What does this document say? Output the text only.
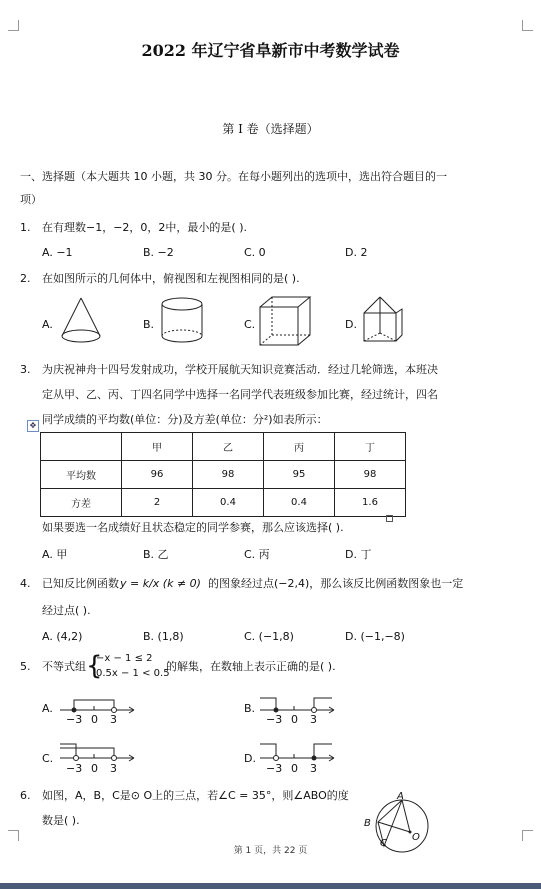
2022 年辽宁省阜新市中考数学试卷
第 I 卷（选择题）
一、选择题（本大题共 10 小题，共 30 分。在每小题列出的选项中，选出符合题目的一
项）
1. 在有理数−1，−2，0，2中，最小的是( ).
A. −1	B. −2	C. 0	D. 2
2. 在如图所示的几何体中，俯视图和左视图相同的是( ).
A.	B.	C.	D.
3. 为庆祝神舟十四号发射成功，学校开展航天知识竞赛活动．经过几轮筛选，本班决
定从甲、乙、丙、丁四名同学中选择一名同学代表班级参加比赛，经过统计，四名
同学成绩的平均数(单位：分)及方差(单位：分²)如表所示：
✥
	甲	乙	丙	丁
平均数	96	98	95	98
方差	2	0.4	0.4	1.6
如果要选一名成绩好且状态稳定的同学参赛，那么应该选择( ).
A. 甲	B. 乙	C. 丙	D. 丁
4. 已知反比例函数 y = k/x (k ≠ 0) 的图象经过点(−2,4)，那么该反比例函数图象也一定
经过点( ).
A. (4,2)	B. (1,8)	C. (−1,8)	D. (−1,−8)
5. 不等式组 {
−x − 1 ≤ 2
0.5x − 1 < 0.5
的解集，在数轴上表示正确的是( ).
A.
−3 0 3
B.
−3 0 3
C.
−3 0 3
D.
−3 0 3
6. 如图，A，B，C是⊙ O上的三点，若∠C = 35°，则∠ABO的度
数是( ).
A
B
C
O
第 1 页，共 22 页
